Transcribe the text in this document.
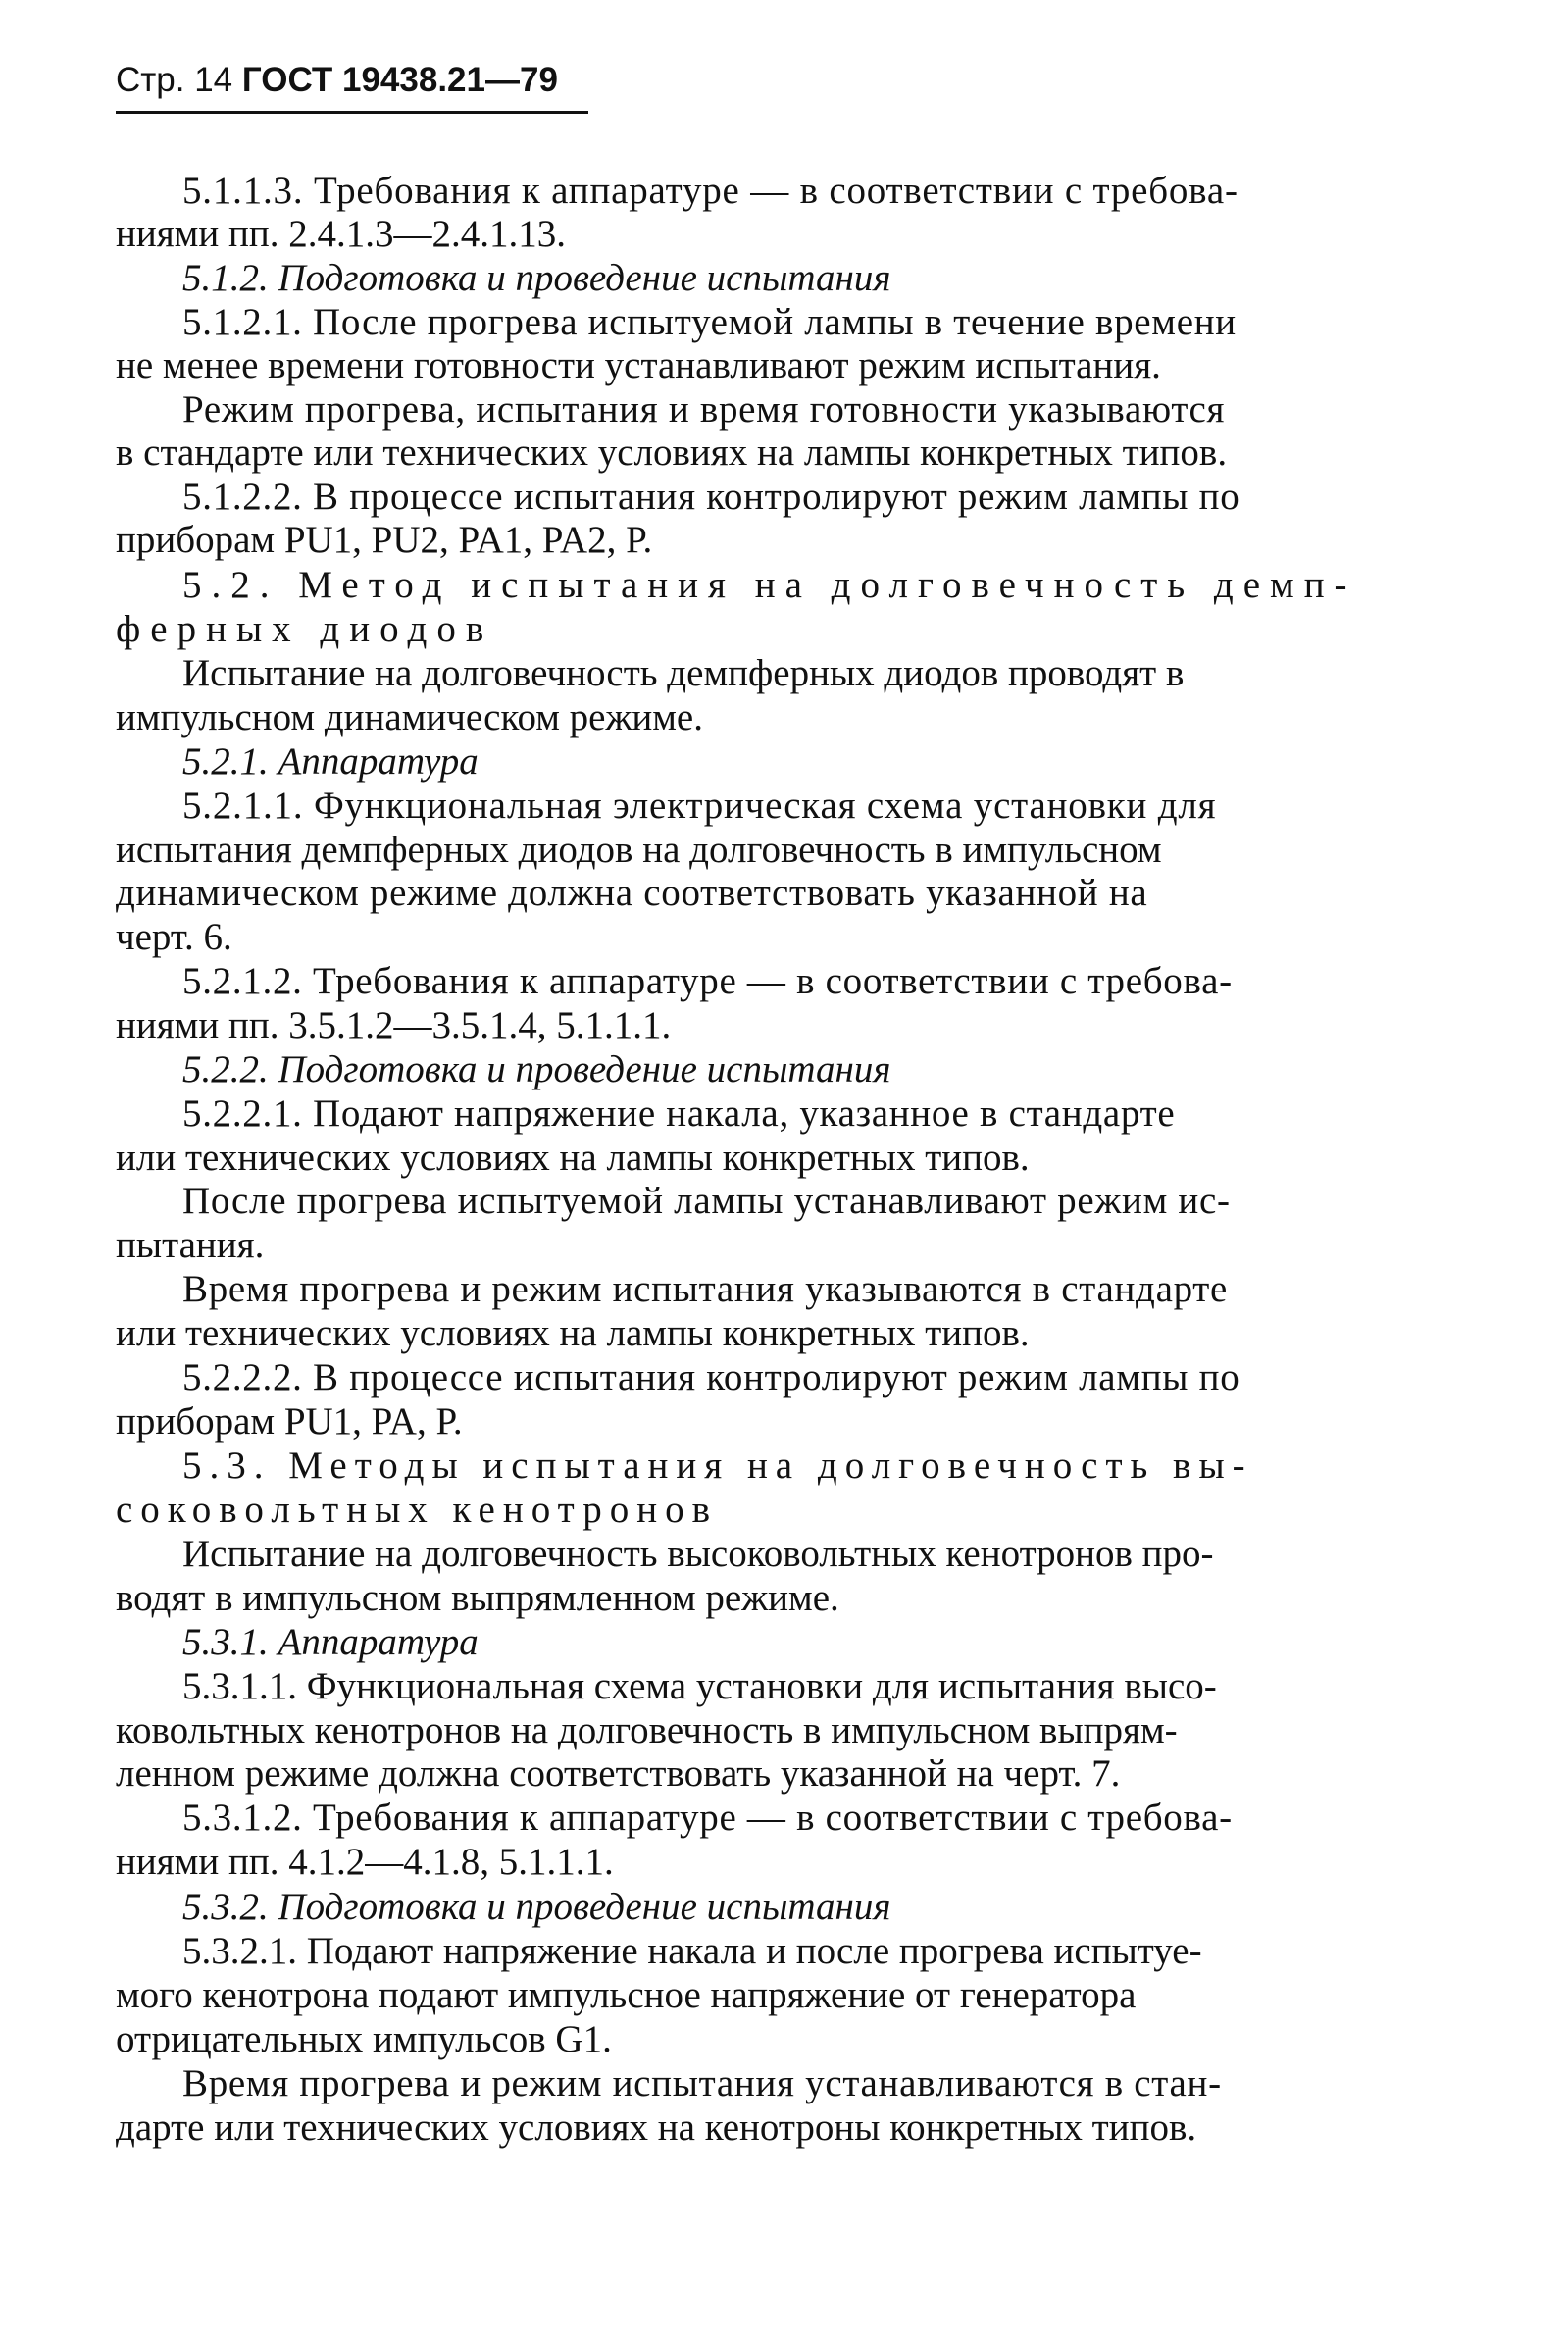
Стр. 14 ГОСТ 19438.21—79
5.1.1.3. Требования к аппаратуре — в соответствии с требова-
ниями пп. 2.4.1.3—2.4.1.13.
5.1.2. Подготовка и проведение испытания
5.1.2.1. После прогрева испытуемой лампы в течение времени
не менее времени готовности устанавливают режим испытания.
Режим прогрева, испытания и время готовности указываются
в стандарте или технических условиях на лампы конкретных типов.
5.1.2.2. В процессе испытания контролируют режим лампы по
приборам PU1, PU2, PA1, PA2, P.
5.2. Метод испытания на долговечность демп-
ферных диодов
Испытание на долговечность демпферных диодов проводят в
импульсном динамическом режиме.
5.2.1. Аппаратура
5.2.1.1. Функциональная электрическая схема установки для
испытания демпферных диодов на долговечность в импульсном
динамическом режиме должна соответствовать указанной на
черт. 6.
5.2.1.2. Требования к аппаратуре — в соответствии с требова-
ниями пп. 3.5.1.2—3.5.1.4, 5.1.1.1.
5.2.2. Подготовка и проведение испытания
5.2.2.1. Подают напряжение накала, указанное в стандарте
или технических условиях на лампы конкретных типов.
После прогрева испытуемой лампы устанавливают режим ис-
пытания.
Время прогрева и режим испытания указываются в стандарте
или технических условиях на лампы конкретных типов.
5.2.2.2. В процессе испытания контролируют режим лампы по
приборам PU1, PA, P.
5.3. Методы испытания на долговечность вы-
соковольтных кенотронов
Испытание на долговечность высоковольтных кенотронов про-
водят в импульсном выпрямленном режиме.
5.3.1. Аппаратура
5.3.1.1. Функциональная схема установки для испытания высо-
ковольтных кенотронов на долговечность в импульсном выпрям-
ленном режиме должна соответствовать указанной на черт. 7.
5.3.1.2. Требования к аппаратуре — в соответствии с требова-
ниями пп. 4.1.2—4.1.8, 5.1.1.1.
5.3.2. Подготовка и проведение испытания
5.3.2.1. Подают напряжение накала и после прогрева испытуе-
мого кенотрона подают импульсное напряжение от генератора
отрицательных импульсов G1.
Время прогрева и режим испытания устанавливаются в стан-
дарте или технических условиях на кенотроны конкретных типов.
